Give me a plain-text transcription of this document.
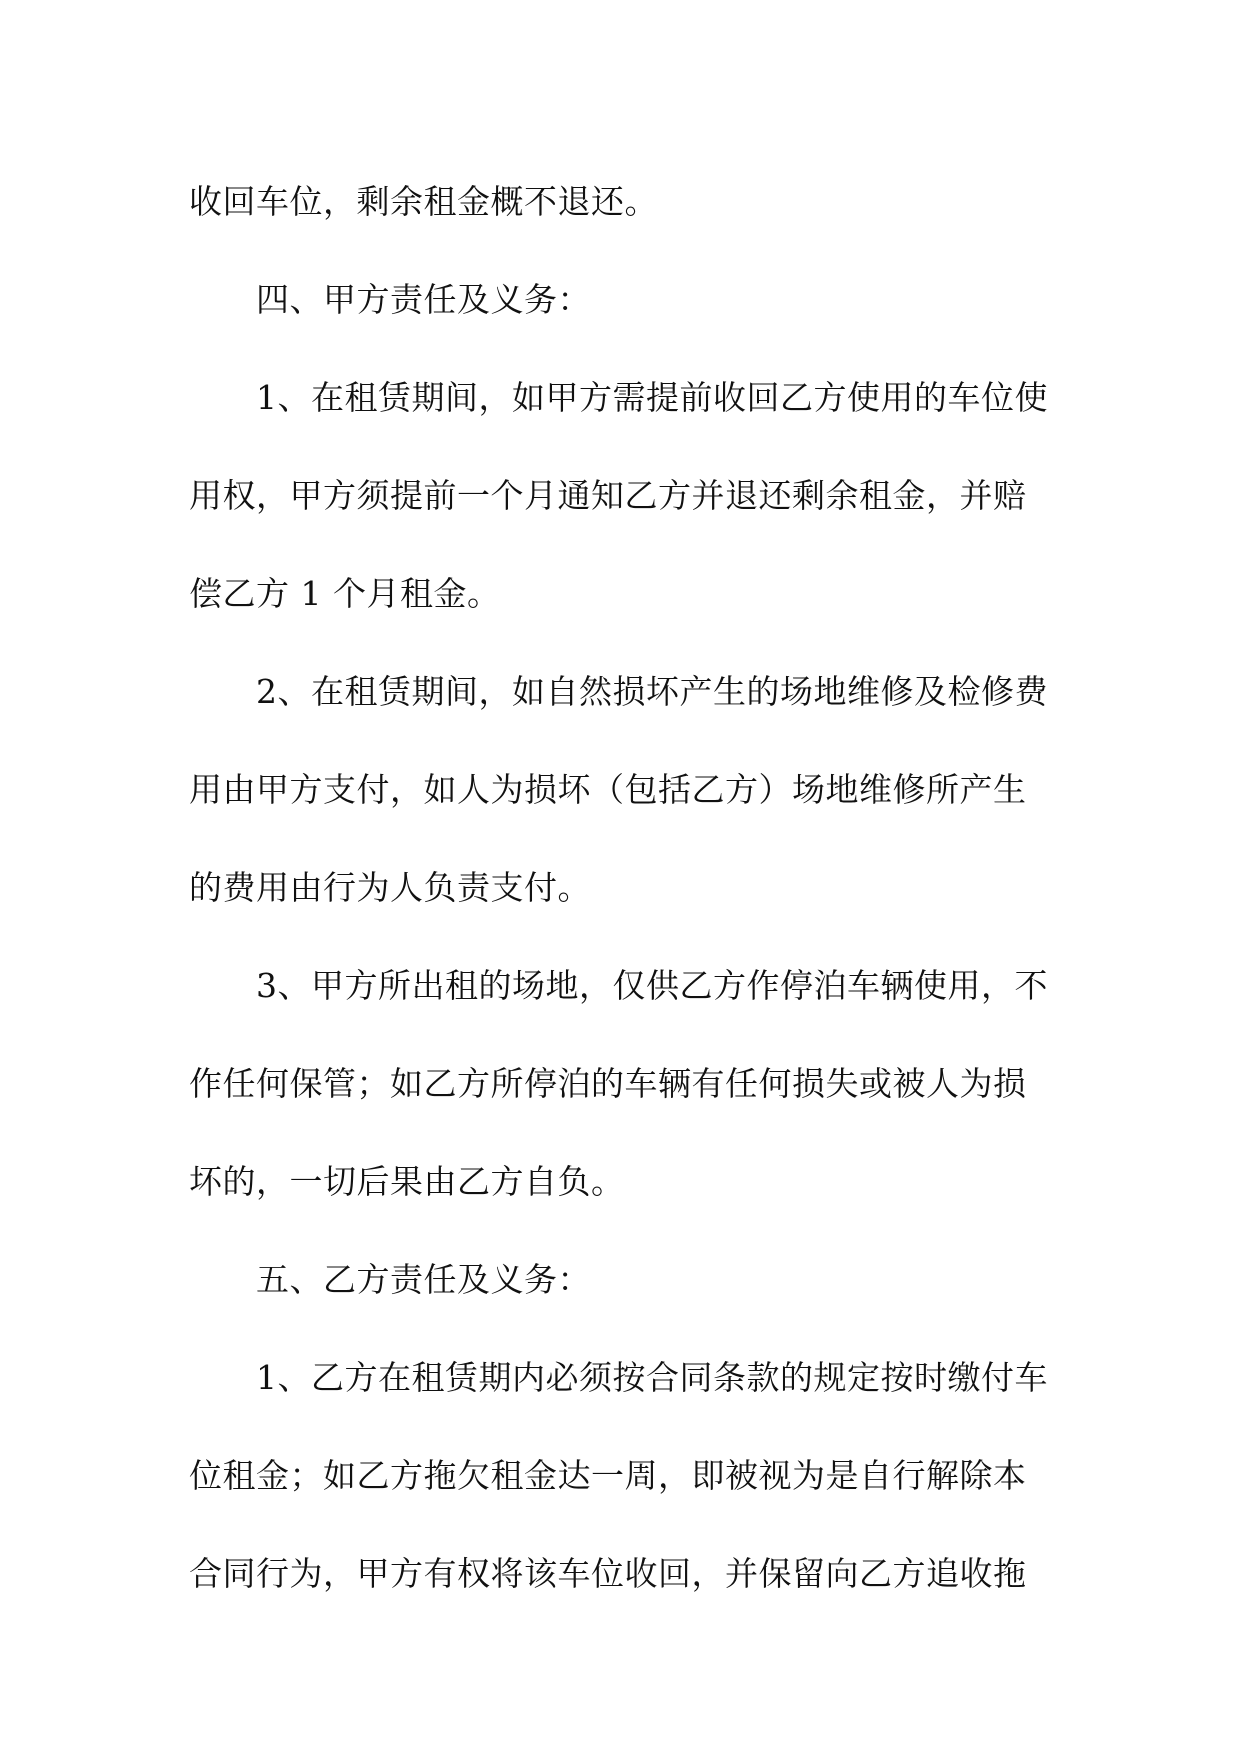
收回车位，剩余租金概不退还。

四、甲方责任及义务：

1、在租赁期间，如甲方需提前收回乙方使用的车位使

用权，甲方须提前一个月通知乙方并退还剩余租金，并赔

偿乙方 1 个月租金。

2、在租赁期间，如自然损坏产生的场地维修及检修费

用由甲方支付，如人为损坏（包括乙方）场地维修所产生

的费用由行为人负责支付。

3、甲方所出租的场地，仅供乙方作停泊车辆使用，不

作任何保管；如乙方所停泊的车辆有任何损失或被人为损

坏的，一切后果由乙方自负。

五、乙方责任及义务：

1、乙方在租赁期内必须按合同条款的规定按时缴付车

位租金；如乙方拖欠租金达一周，即被视为是自行解除本

合同行为，甲方有权将该车位收回，并保留向乙方追收拖
